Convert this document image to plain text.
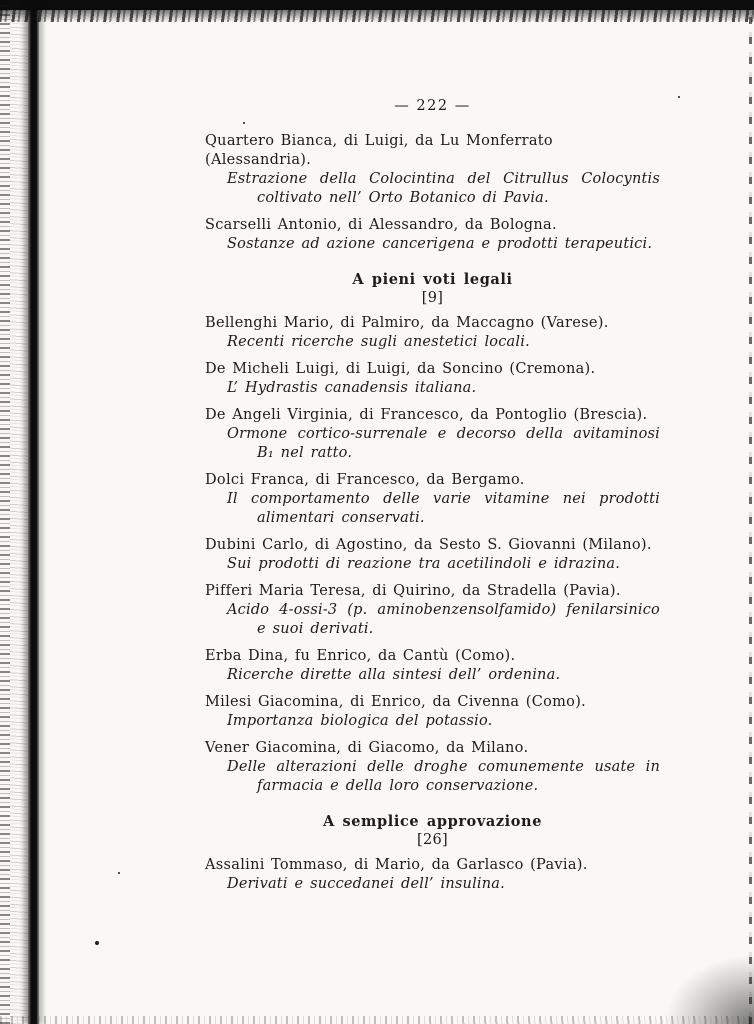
— 222 —
Quartero Bianca, di Luigi, da Lu Monferrato (Alessandria).
Estrazione della Colocintina del Citrullus Colocyntis coltivato nell’ Orto Botanico di Pavia.
Scarselli Antonio, di Alessandro, da Bologna.
Sostanze ad azione cancerigena e prodotti terapeutici.
A pieni voti legali
[9]
Bellenghi Mario, di Palmiro, da Maccagno (Varese).
Recenti ricerche sugli anestetici locali.
De Micheli Luigi, di Luigi, da Soncino (Cremona).
L’ Hydrastis canadensis italiana.
De Angeli Virginia, di Francesco, da Pontoglio (Brescia).
Ormone cortico-surrenale e decorso della avitaminosi B₁ nel ratto.
Dolci Franca, di Francesco, da Bergamo.
Il comportamento delle varie vitamine nei prodotti alimentari conservati.
Dubini Carlo, di Agostino, da Sesto S. Giovanni (Milano).
Sui prodotti di reazione tra acetilindoli e idrazina.
Pifferi Maria Teresa, di Quirino, da Stradella (Pavia).
Acido 4-ossi-3 (p. aminobenzensolfamido) fenilarsinico e suoi derivati.
Erba Dina, fu Enrico, da Cantù (Como).
Ricerche dirette alla sintesi dell’ ordenina.
Milesi Giacomina, di Enrico, da Civenna (Como).
Importanza biologica del potassio.
Vener Giacomina, di Giacomo, da Milano.
Delle alterazioni delle droghe comunemente usate in farmacia e della loro conservazione.
A semplice approvazione
[26]
Assalini Tommaso, di Mario, da Garlasco (Pavia).
Derivati e succedanei dell’ insulina.
